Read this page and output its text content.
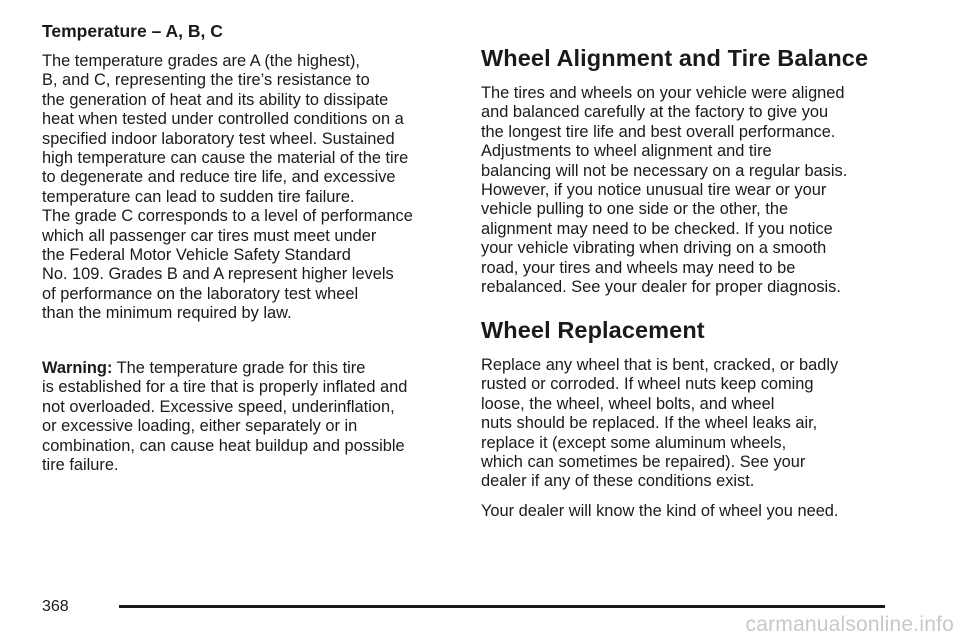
Temperature – A, B, C

The temperature grades are A (the highest),
B, and C, representing the tire’s resistance to
the generation of heat and its ability to dissipate
heat when tested under controlled conditions on a
specified indoor laboratory test wheel. Sustained
high temperature can cause the material of the tire
to degenerate and reduce tire life, and excessive
temperature can lead to sudden tire failure.
The grade C corresponds to a level of performance
which all passenger car tires must meet under
the Federal Motor Vehicle Safety Standard
No. 109. Grades B and A represent higher levels
of performance on the laboratory test wheel
than the minimum required by law.

Warning: The temperature grade for this tire
is established for a tire that is properly inflated and
not overloaded. Excessive speed, underinflation,
or excessive loading, either separately or in
combination, can cause heat buildup and possible
tire failure.

Wheel Alignment and Tire Balance

The tires and wheels on your vehicle were aligned
and balanced carefully at the factory to give you
the longest tire life and best overall performance.
Adjustments to wheel alignment and tire
balancing will not be necessary on a regular basis.
However, if you notice unusual tire wear or your
vehicle pulling to one side or the other, the
alignment may need to be checked. If you notice
your vehicle vibrating when driving on a smooth
road, your tires and wheels may need to be
rebalanced. See your dealer for proper diagnosis.

Wheel Replacement

Replace any wheel that is bent, cracked, or badly
rusted or corroded. If wheel nuts keep coming
loose, the wheel, wheel bolts, and wheel
nuts should be replaced. If the wheel leaks air,
replace it (except some aluminum wheels,
which can sometimes be repaired). See your
dealer if any of these conditions exist.

Your dealer will know the kind of wheel you need.

368
carmanualsonline.info
